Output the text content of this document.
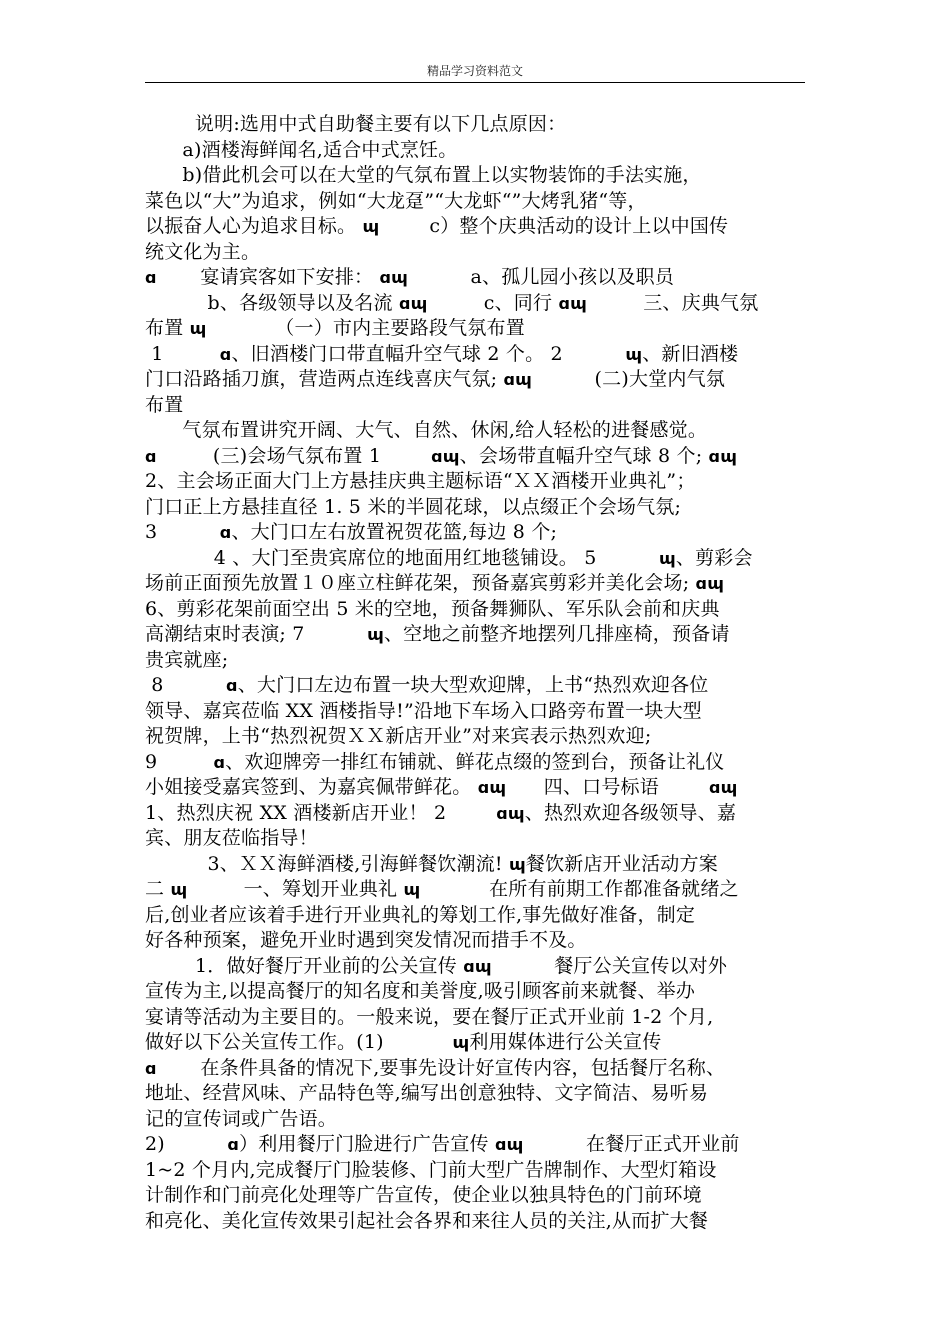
精品学习资料范文
说明:选用中式自助餐主要有以下几点原因：
a)酒楼海鲜闻名,适合中式烹饪。
b)借此机会可以在大堂的气氛布置上以实物装饰的手法实施，
菜色以“大”为追求，例如“大龙趸”“大龙虾“”大烤乳猪“等，
以振奋人心为追求目标。 ɰ	c）整个庆典活动的设计上以中国传
统文化为主。
ɑ 宴请宾客如下安排： ɑɰ	a、孤儿园小孩以及职员
b、各级领导以及名流 ɑɰ	c、同行 ɑɰ	三、庆典气氛
布置 ɰ	（一）市内主要路段气氛布置
1	ɑ、旧酒楼门口带直幅升空气球 2 个。 2	ɰ、新旧酒楼
门口沿路插刀旗，营造两点连线喜庆气氛; ɑɰ	(二)大堂内气氛
布置
气氛布置讲究开阔、大气、自然、休闲,给人轻松的进餐感觉。
ɑ	(三)会场气氛布置 1	ɑɰ、会场带直幅升空气球 8 个; ɑɰ
2、主会场正面大门上方悬挂庆典主题标语“ＸＸ酒楼开业典礼”；
门口正上方悬挂直径 1. 5 米的半圆花球，以点缀正个会场气氛;
3	ɑ、大门口左右放置祝贺花篮,每边 8 个;
4 、大门至贵宾席位的地面用红地毯铺设。 5	ɰ、剪彩会
场前正面预先放置１０座立柱鲜花架，预备嘉宾剪彩并美化会场; ɑɰ
6、剪彩花架前面空出 5 米的空地，预备舞狮队、军乐队会前和庆典
高潮结束时表演; 7	ɰ、空地之前整齐地摆列几排座椅，预备请
贵宾就座;
8	ɑ、大门口左边布置一块大型欢迎牌，上书“热烈欢迎各位
领导、嘉宾莅临 XX 酒楼指导!”沿地下车场入口路旁布置一块大型
祝贺牌，上书“热烈祝贺ＸＸ新店开业”对来宾表示热烈欢迎;
9	ɑ、欢迎牌旁一排红布铺就、鲜花点缀的签到台，预备让礼仪
小姐接受嘉宾签到、为嘉宾佩带鲜花。 ɑɰ 四、口号标语	ɑɰ
1、热烈庆祝 XX 酒楼新店开业！ 2	ɑɰ、热烈欢迎各级领导、嘉
宾、朋友莅临指导！
3、ＸＸ海鲜酒楼,引海鲜餐饮潮流! ɰ餐饮新店开业活动方案
二 ɰ	一、筹划开业典礼 ɰ	在所有前期工作都准备就绪之
后,创业者应该着手进行开业典礼的筹划工作,事先做好准备，制定
好各种预案，避免开业时遇到突发情况而措手不及。
1．做好餐厅开业前的公关宣传 ɑɰ	餐厅公关宣传以对外
宣传为主,以提高餐厅的知名度和美誉度,吸引顾客前来就餐、举办
宴请等活动为主要目的。一般来说，要在餐厅正式开业前 1-2 个月,
做好以下公关宣传工作。(1)	ɰ利用媒体进行公关宣传
ɑ 在条件具备的情况下,要事先设计好宣传内容，包括餐厅名称、
地址、经营风味、产品特色等,编写出创意独特、文字简洁、易听易
记的宣传词或广告语。
2)	ɑ）利用餐厅门脸进行广告宣传 ɑɰ	在餐厅正式开业前
1~2 个月内,完成餐厅门脸装修、门前大型广告牌制作、大型灯箱设
计制作和门前亮化处理等广告宣传，使企业以独具特色的门前环境
和亮化、美化宣传效果引起社会各界和来往人员的关注,从而扩大餐
